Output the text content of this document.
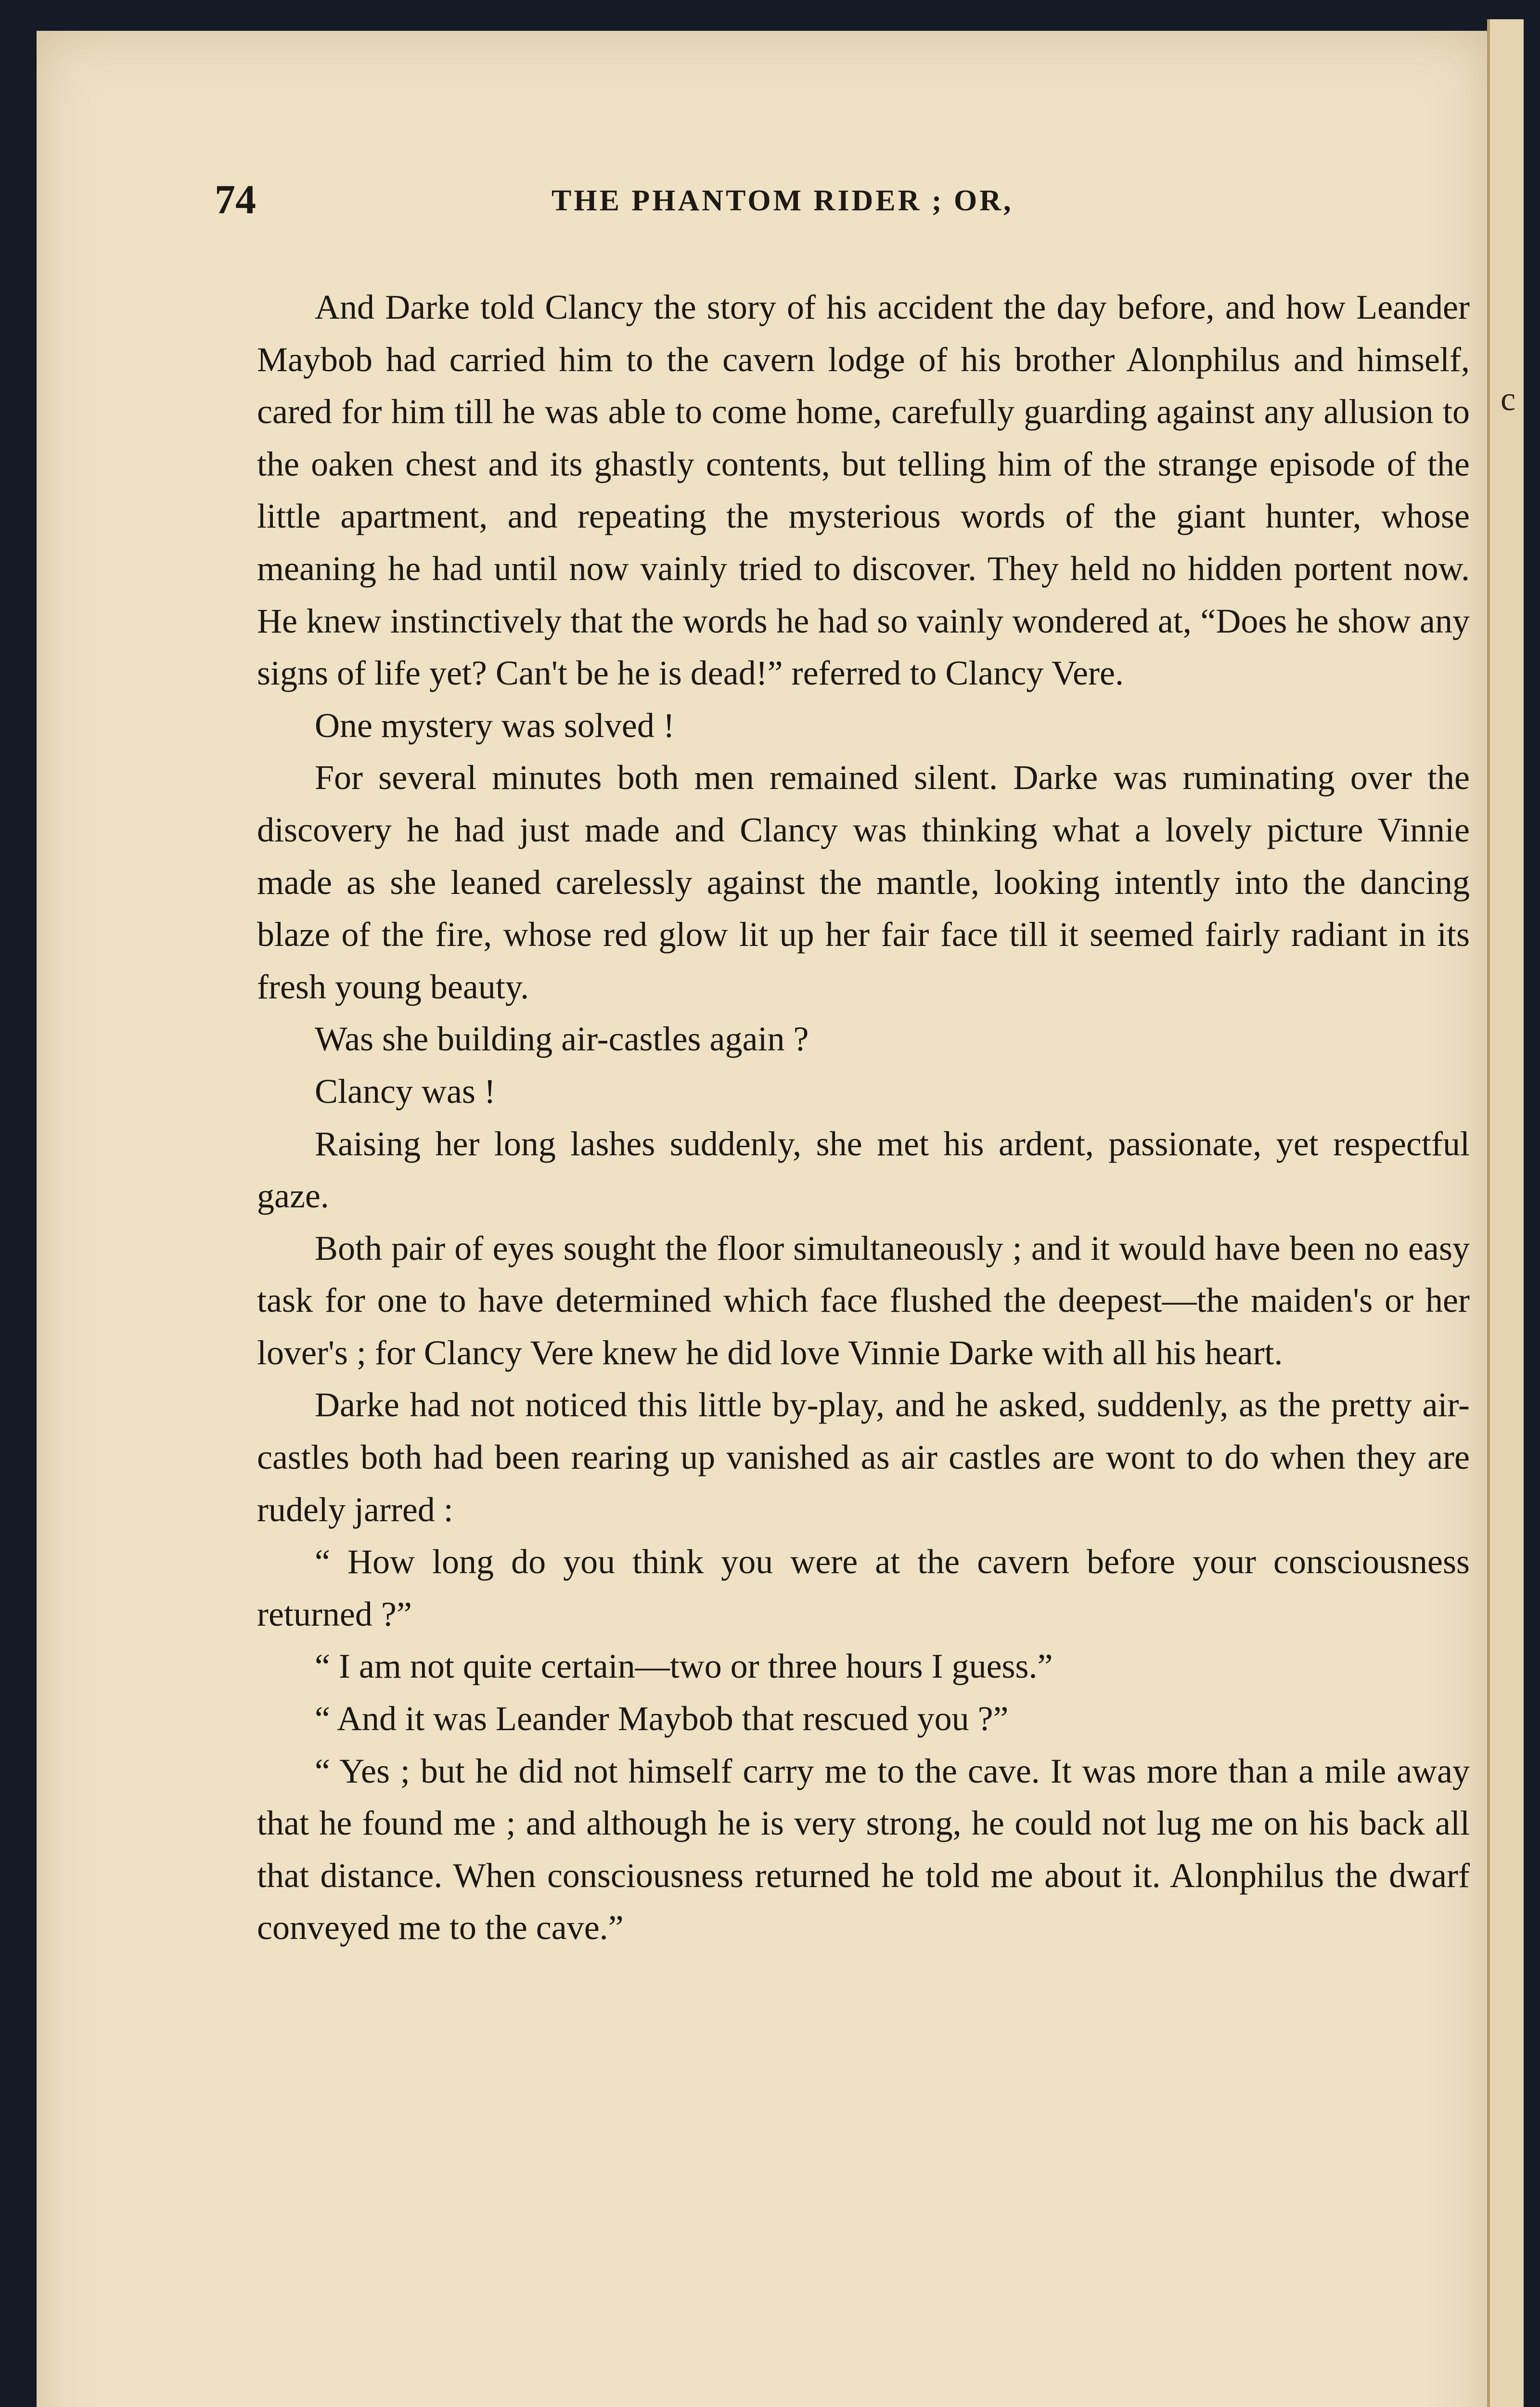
74	THE PHANTOM RIDER ; OR,

And Darke told Clancy the story of his accident the day before, and how Leander Maybob had carried him to the cavern lodge of his brother Alonphilus and himself, cared for him till he was able to come home, carefully guarding against any allusion to the oaken chest and its ghastly contents, but telling him of the strange episode of the little apartment, and repeating the mysterious words of the giant hunter, whose meaning he had until now vainly tried to discover. They held no hidden portent now. He knew instinctively that the words he had so vainly wondered at, “Does he show any signs of life yet? Can't be he is dead!” referred to Clancy Vere.

One mystery was solved !

For several minutes both men remained silent. Darke was ruminating over the discovery he had just made and Clancy was thinking what a lovely picture Vinnie made as she leaned carelessly against the mantle, looking intently into the dancing blaze of the fire, whose red glow lit up her fair face till it seemed fairly radiant in its fresh young beauty.

Was she building air-castles again ?

Clancy was !

Raising her long lashes suddenly, she met his ardent, passionate, yet respectful gaze.

Both pair of eyes sought the floor simultaneously ; and it would have been no easy task for one to have determined which face flushed the deepest—the maiden's or her lover's ; for Clancy Vere knew he did love Vinnie Darke with all his heart.

Darke had not noticed this little by-play, and he asked, suddenly, as the pretty air-castles both had been rearing up vanished as air castles are wont to do when they are rudely jarred :

“ How long do you think you were at the cavern before your consciousness returned ?”

“ I am not quite certain—two or three hours I guess.”

“ And it was Leander Maybob that rescued you ?”

“ Yes ; but he did not himself carry me to the cave. It was more than a mile away that he found me ; and although he is very strong, he could not lug me on his back all that distance. When consciousness returned he told me about it. Alonphilus the dwarf conveyed me to the cave.”

c
